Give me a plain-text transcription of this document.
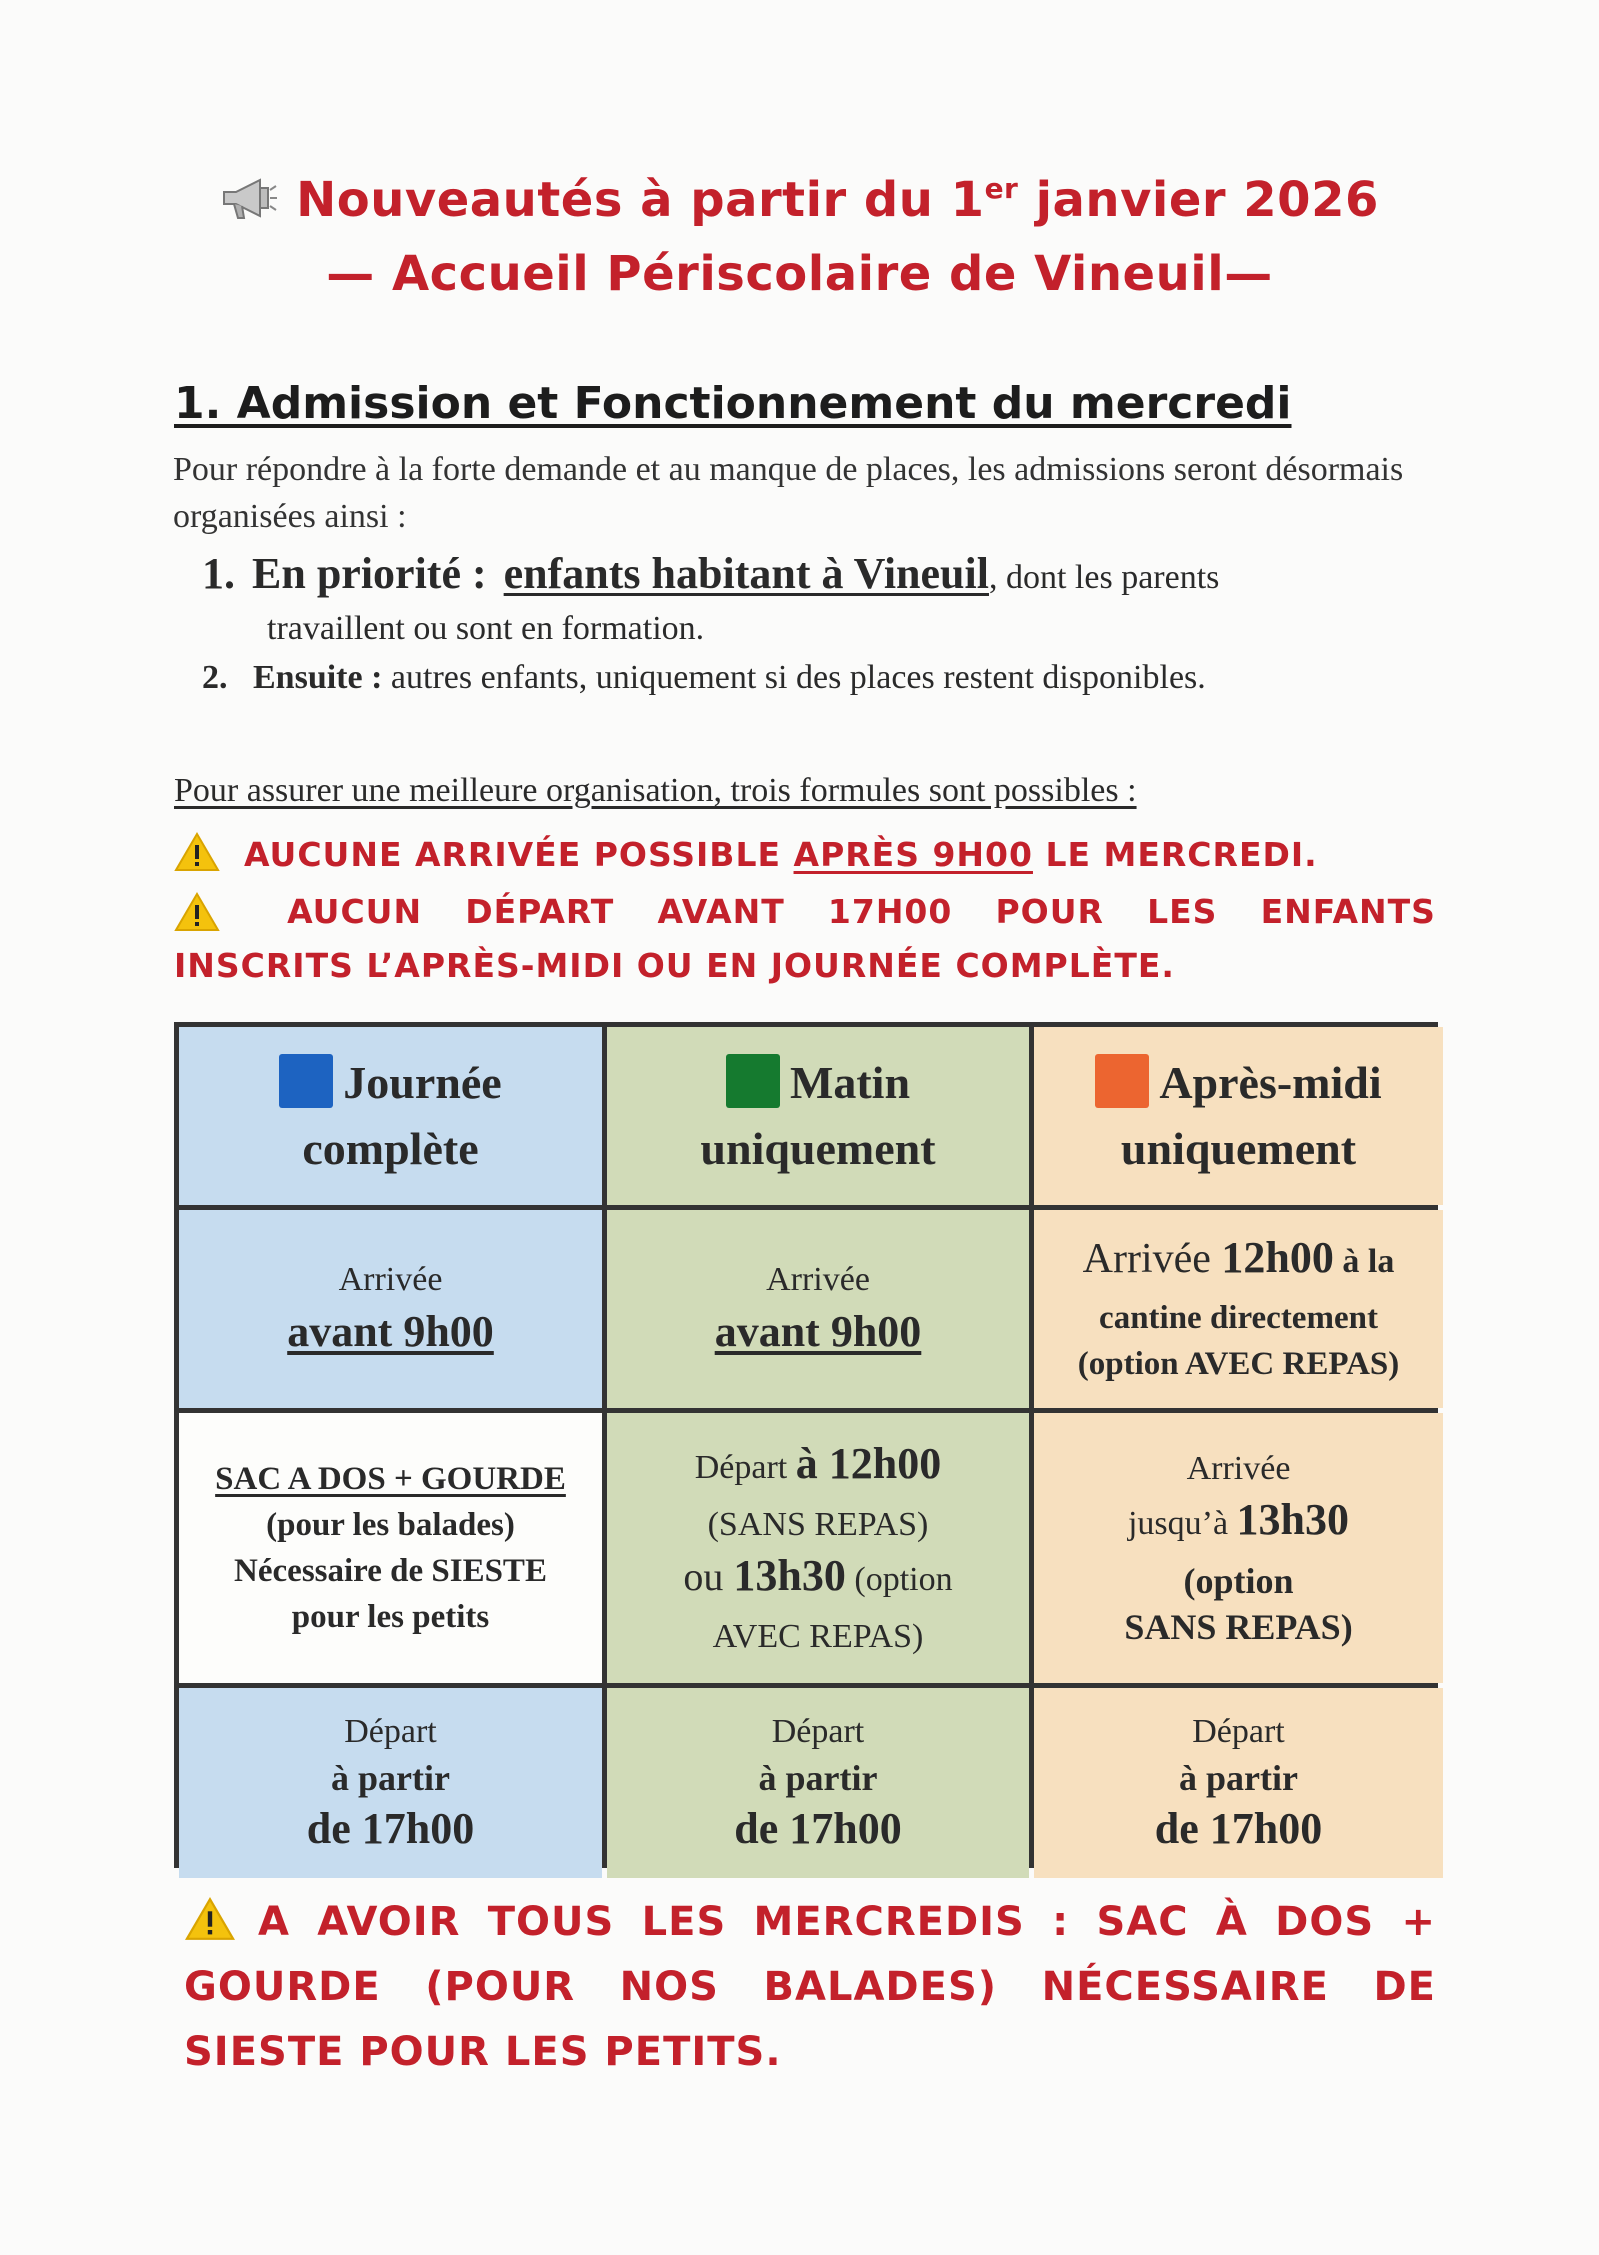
Nouveautés à partir du 1er janvier 2026
— Accueil Périscolaire de Vineuil—
1. Admission et Fonctionnement du mercredi
Pour répondre à la forte demande et au manque de places, les admissions seront désormais organisées ainsi :
1. En priorité : enfants habitant à Vineuil, dont les parents
travaillent ou sont en formation.
2. Ensuite : autres enfants, uniquement si des places restent disponibles.
Pour assurer une meilleure organisation, trois formules sont possibles :
AUCUNE ARRIVÉE POSSIBLE APRÈS 9H00 LE MERCREDI.
AUCUN DÉPART AVANT 17H00 POUR LES ENFANTS
INSCRITS L’APRÈS-MIDI OU EN JOURNÉE COMPLÈTE.
Journée
complète
Matin
uniquement
Après-midi
uniquement
Arrivée
avant 9h00
Arrivée
avant 9h00
Arrivée 12h00 à la
cantine directement
(option AVEC REPAS)
SAC A DOS + GOURDE
(pour les balades)
Nécessaire de SIESTE
pour les petits
Départ à 12h00
(SANS REPAS)
ou 13h30 (option
AVEC REPAS)
Arrivée
jusqu’à 13h30
(option
SANS REPAS)
Départ
à partir
de 17h00
Départ
à partir
de 17h00
Départ
à partir
de 17h00
A AVOIR TOUS LES MERCREDIS : SAC À DOS + GOURDE (POUR NOS BALADES) NÉCESSAIRE DE SIESTE POUR LES PETITS.
